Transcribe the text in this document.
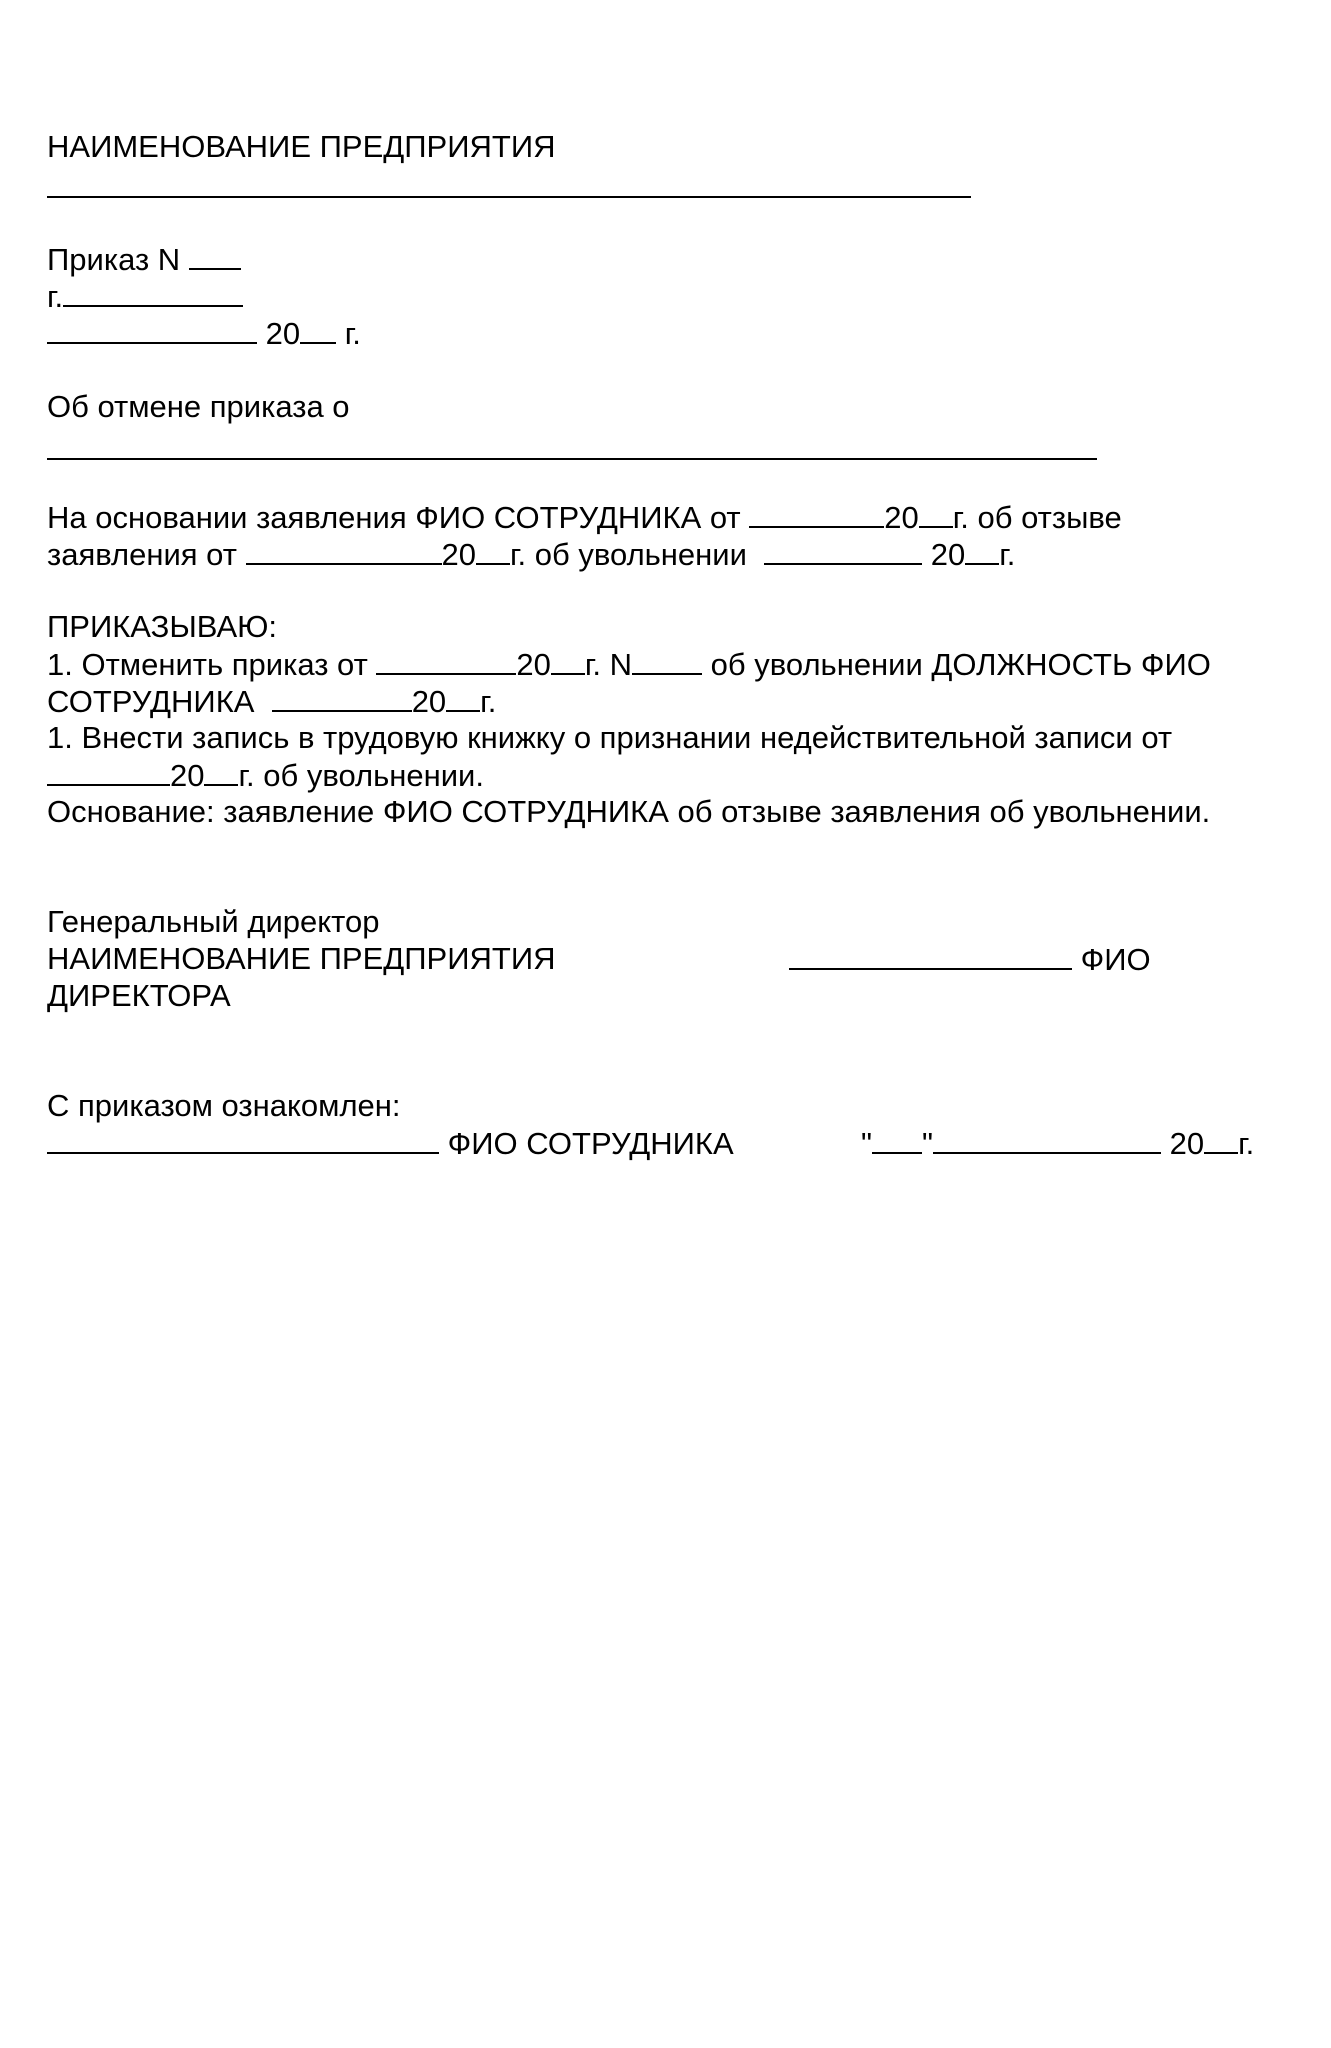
НАИМЕНОВАНИЕ ПРЕДПРИЯТИЯ
Приказ N
г.
20 г.
Об отмене приказа о
На основании заявления ФИО СОТРУДНИКА от	20 г. об отзыве
заявления от	20 г. об увольнении	20 г.
ПРИКАЗЫВАЮ:
1. Отменить приказ от	20 г. N	об увольнении ДОЛЖНОСТЬ ФИО
СОТРУДНИКА	20 г.
1. Внести запись в трудовую книжку о признании недействительной записи от
20 г. об увольнении.
Основание: заявление ФИО СОТРУДНИКА об отзыве заявления об увольнении.
Генеральный директор
НАИМЕНОВАНИЕ ПРЕДПРИЯТИЯ	ФИО
ДИРЕКТОРА
С приказом ознакомлен:
ФИО СОТРУДНИКА	" "	20 г.
